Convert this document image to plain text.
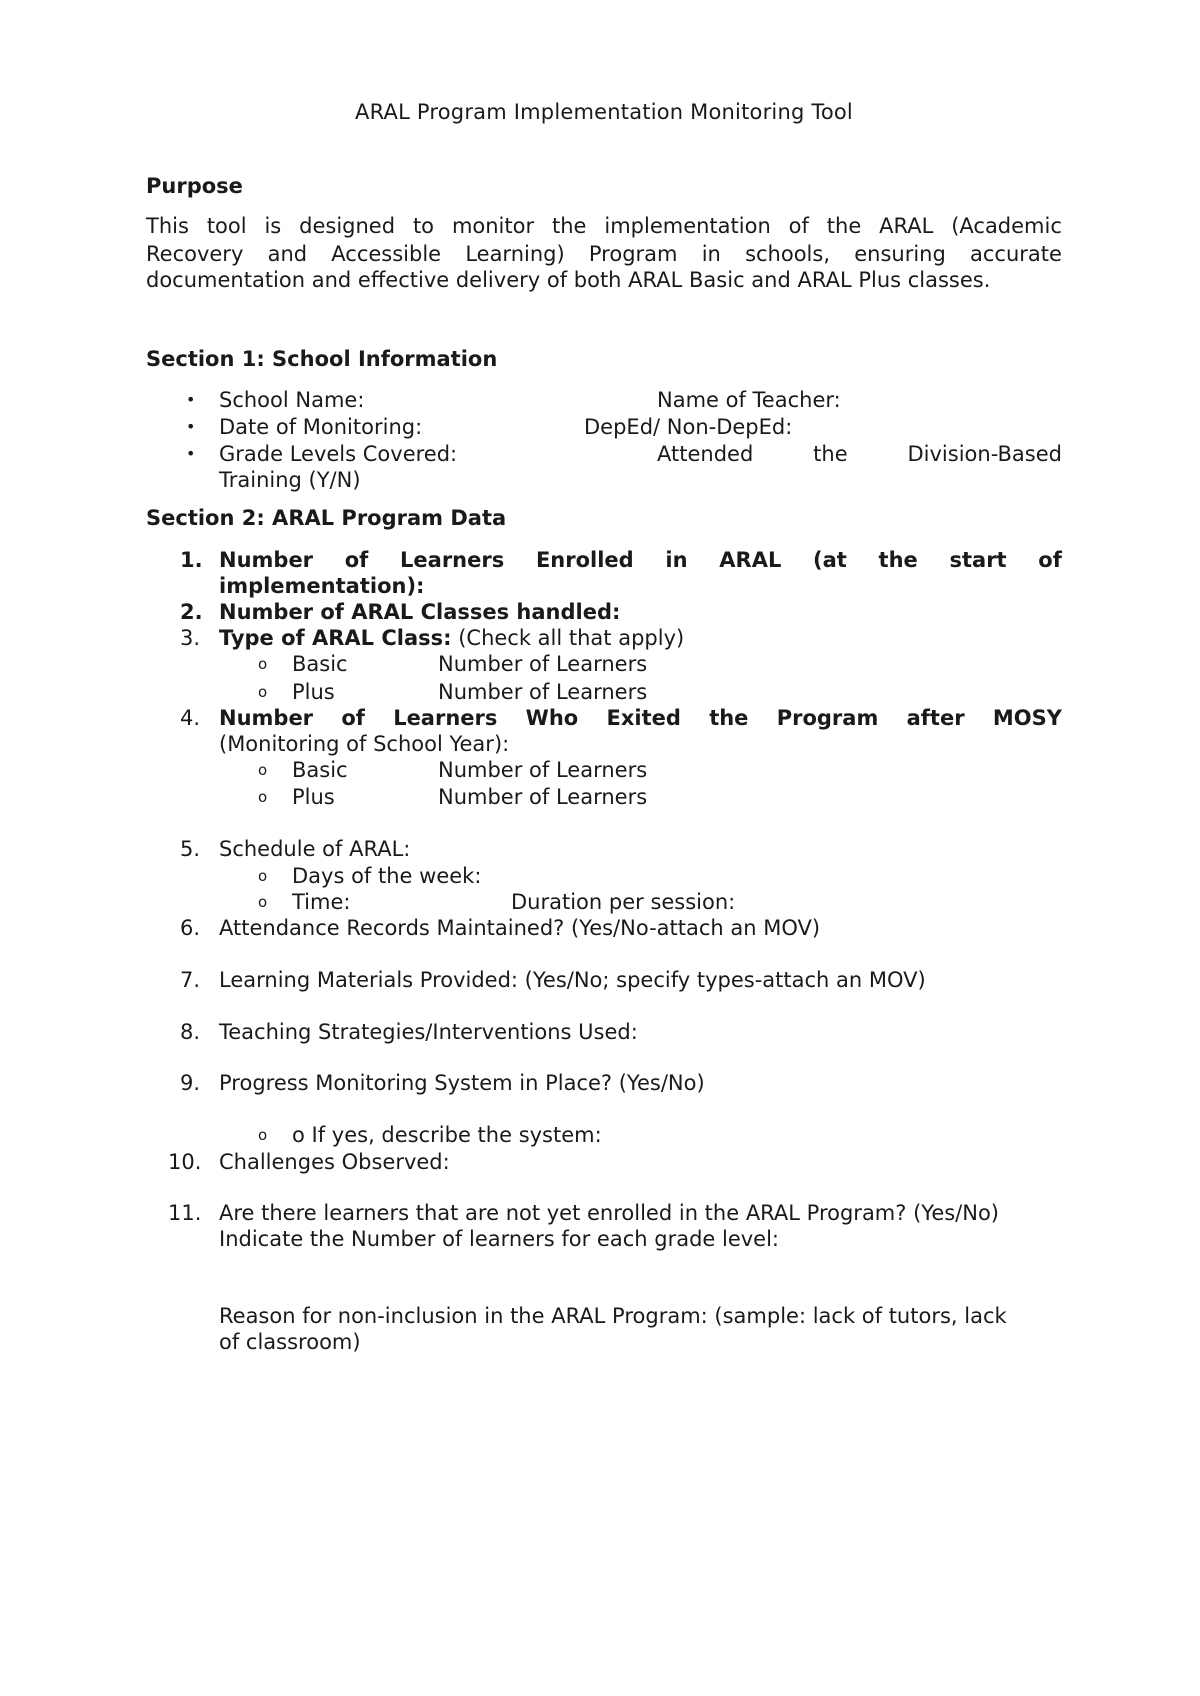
ARAL Program Implementation Monitoring Tool
Purpose
This tool is designed to monitor the implementation of the ARAL (Academic
Recovery and Accessible Learning) Program in schools, ensuring accurate
documentation and effective delivery of both ARAL Basic and ARAL Plus classes.
Section 1: School Information
• School Name:	Name of Teacher:
• Date of Monitoring:	DepEd/ Non-DepEd:
• Grade Levels Covered:	Attended	the	Division-Based
Training (Y/N)
Section 2: ARAL Program Data
1. Number of Learners Enrolled in ARAL (at the start of
implementation):
2. Number of ARAL Classes handled:
3. Type of ARAL Class: (Check all that apply)
o Basic	Number of Learners
o Plus	Number of Learners
4. Number of Learners Who Exited the Program after MOSY
(Monitoring of School Year):
o Basic	Number of Learners
o Plus	Number of Learners
5. Schedule of ARAL:
o Days of the week:
o Time:	Duration per session:
6. Attendance Records Maintained? (Yes/No-attach an MOV)
7. Learning Materials Provided: (Yes/No; specify types-attach an MOV)
8. Teaching Strategies/Interventions Used:
9. Progress Monitoring System in Place? (Yes/No)
o o If yes, describe the system:
10. Challenges Observed:
11. Are there learners that are not yet enrolled in the ARAL Program? (Yes/No)
Indicate the Number of learners for each grade level:
Reason for non-inclusion in the ARAL Program: (sample: lack of tutors, lack
of classroom)
